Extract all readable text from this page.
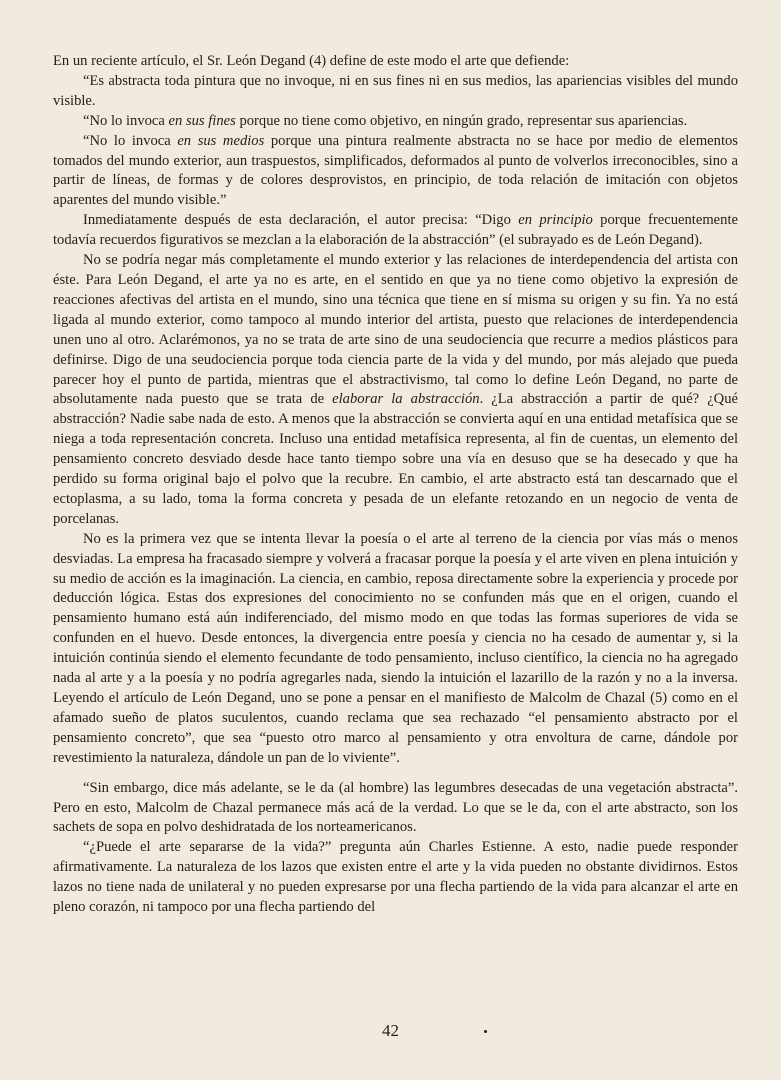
En un reciente artículo, el Sr. León Degand (4) define de este modo el arte que defiende:

“Es abstracta toda pintura que no invoque, ni en sus fines ni en sus medios, las apariencias visibles del mundo visible.

“No lo invoca en sus fines porque no tiene como objetivo, en ningún grado, representar sus apariencias.

“No lo invoca en sus medios porque una pintura realmente abstracta no se hace por medio de elementos tomados del mundo exterior, aun traspuestos, simplificados, deformados al punto de volverlos irreconocibles, sino a partir de líneas, de formas y de colores desprovistos, en principio, de toda relación de imitación con objetos aparentes del mundo visible.”

Inmediatamente después de esta declaración, el autor precisa: “Digo en principio porque frecuentemente todavía recuerdos figurativos se mezclan a la elaboración de la abstracción” (el subrayado es de León Degand).

No se podría negar más completamente el mundo exterior y las relaciones de interdependencia del artista con éste. Para León Degand, el arte ya no es arte, en el sentido en que ya no tiene como objetivo la expresión de reacciones afectivas del artista en el mundo, sino una técnica que tiene en sí misma su origen y su fin. Ya no está ligada al mundo exterior, como tampoco al mundo interior del artista, puesto que relaciones de interdependencia unen uno al otro. Aclarémonos, ya no se trata de arte sino de una seudociencia que recurre a medios plásticos para definirse. Digo de una seudociencia porque toda ciencia parte de la vida y del mundo, por más alejado que pueda parecer hoy el punto de partida, mientras que el abstractivismo, tal como lo define León Degand, no parte de absolutamente nada puesto que se trata de elaborar la abstracción. ¿La abstracción a partir de qué? ¿Qué abstracción? Nadie sabe nada de esto. A menos que la abstracción se convierta aquí en una entidad metafísica que se niega a toda representación concreta. Incluso una entidad metafísica representa, al fin de cuentas, un elemento del pensamiento concreto desviado desde hace tanto tiempo sobre una vía en desuso que se ha desecado y que ha perdido su forma original bajo el polvo que la recubre. En cambio, el arte abstracto está tan descarnado que el ectoplasma, a su lado, toma la forma concreta y pesada de un elefante retozando en un negocio de venta de porcelanas.

No es la primera vez que se intenta llevar la poesía o el arte al terreno de la ciencia por vías más o menos desviadas. La empresa ha fracasado siempre y volverá a fracasar porque la poesía y el arte viven en plena intuición y su medio de acción es la imaginación. La ciencia, en cambio, reposa directamente sobre la experiencia y procede por deducción lógica. Estas dos expresiones del conocimiento no se confunden más que en el origen, cuando el pensamiento humano está aún indiferenciado, del mismo modo en que todas las formas superiores de vida se confunden en el huevo. Desde entonces, la divergencia entre poesía y ciencia no ha cesado de aumentar y, si la intuición continúa siendo el elemento fecundante de todo pensamiento, incluso científico, la ciencia no ha agregado nada al arte y a la poesía y no podría agregarles nada, siendo la intuición el lazarillo de la razón y no a la inversa. Leyendo el artículo de León Degand, uno se pone a pensar en el manifiesto de Malcolm de Chazal (5) como en el afamado sueño de platos suculentos, cuando reclama que sea rechazado “el pensamiento abstracto por el pensamiento concreto”, que sea “puesto otro marco al pensamiento y otra envoltura de carne, dándole por revestimiento la naturaleza, dándole un pan de lo viviente”.

“Sin embargo, dice más adelante, se le da (al hombre) las legumbres desecadas de una vegetación abstracta”. Pero en esto, Malcolm de Chazal permanece más acá de la verdad. Lo que se le da, con el arte abstracto, son los sachets de sopa en polvo deshidratada de los norteamericanos.

“¿Puede el arte separarse de la vida?” pregunta aún Charles Estienne. A esto, nadie puede responder afirmativamente. La naturaleza de los lazos que existen entre el arte y la vida pueden no obstante dividirnos. Estos lazos no tiene nada de unilateral y no pueden expresarse por una flecha partiendo de la vida para alcanzar el arte en pleno corazón, ni tampoco por una flecha partiendo del

42
